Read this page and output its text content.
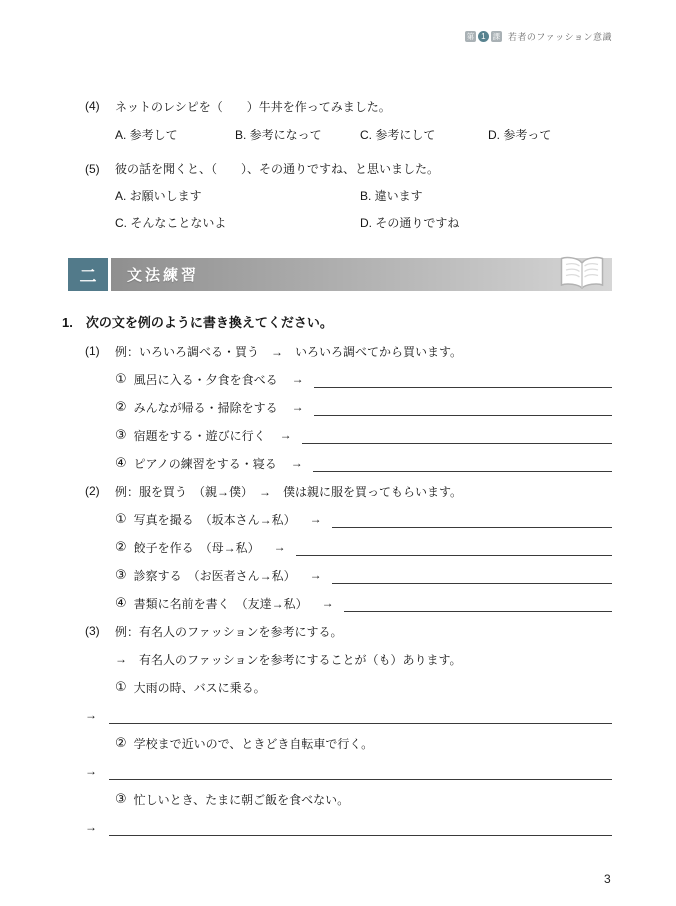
第 1 課 若者のファッション意識
(4)	ネットのレシピを（　　）牛丼を作ってみました。
A. 参考して	B. 参考になって	C. 参考にして	D. 参考って
(5)	彼の話を聞くと、（　　）、その通りですね、と思いました。
A. お願いします	B. 違います
C. そんなことないよ	D. その通りですね
二 文法練習
1.　次の文を例のように書き換えてください。
(1)	例：いろいろ調べる・買う　→　いろいろ調べてから買います。
① 風呂に入る・夕食を食べる →
② みんなが帰る・掃除をする →
③ 宿題をする・遊びに行く →
④ ピアノの練習をする・寝る →
(2)	例：服を買う　（親→僕）　→　僕は親に服を買ってもらいます。
① 写真を撮る　（坂本さん→私） →
② 餃子を作る　（母→私） →
③ 診察する　（お医者さん→私） →
④ 書類に名前を書く　（友達→私） →
(3)	例：有名人のファッションを参考にする。
→ 有名人のファッションを参考にすることが（も）あります。
① 大雨の時、バスに乗る。
→
② 学校まで近いので、ときどき自転車で行く。
→
③ 忙しいとき、たまに朝ご飯を食べない。
→
3
